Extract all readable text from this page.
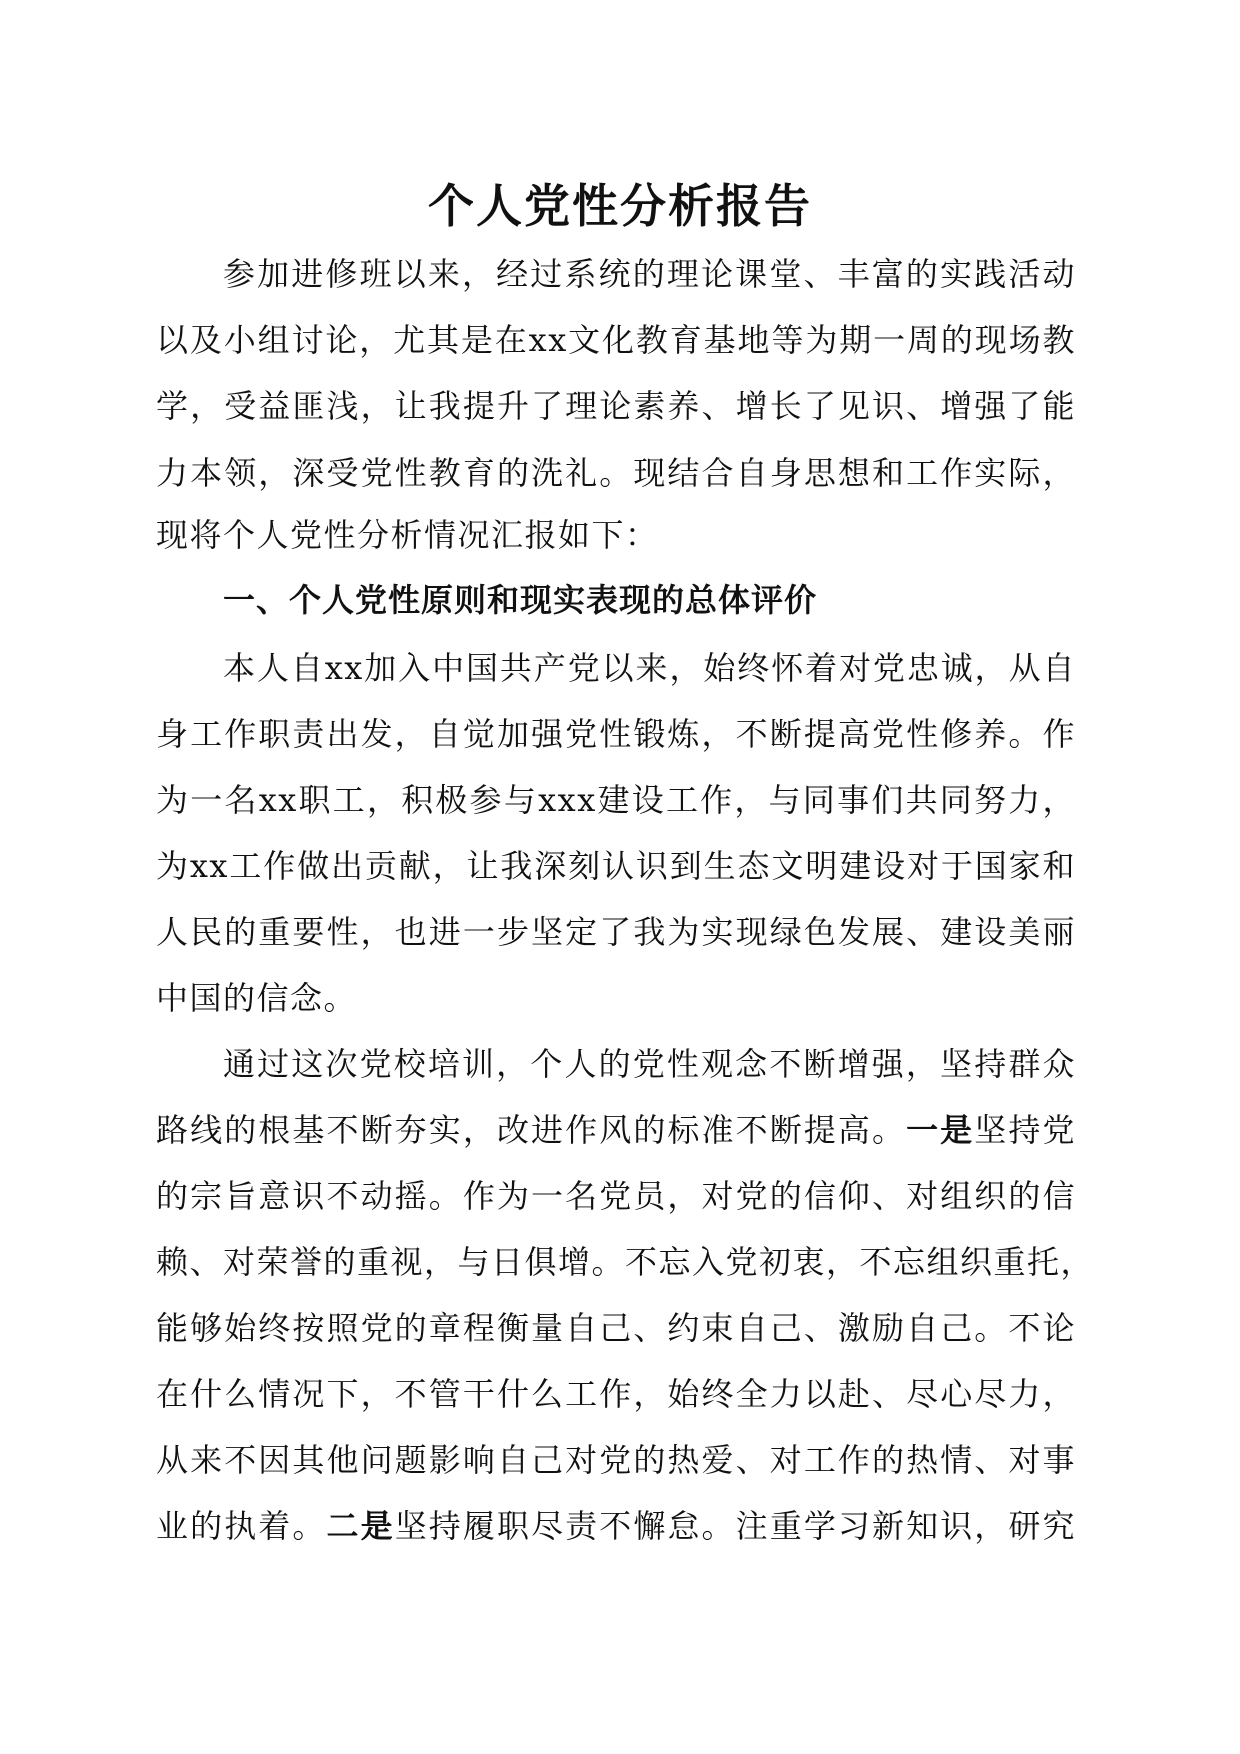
个人党性分析报告
参加进修班以来，经过系统的理论课堂、丰富的实践活动
以及小组讨论，尤其是在xx文化教育基地等为期一周的现场教
学，受益匪浅，让我提升了理论素养、增长了见识、增强了能
力本领，深受党性教育的洗礼。现结合自身思想和工作实际，
现将个人党性分析情况汇报如下：
一、个人党性原则和现实表现的总体评价
本人自xx加入中国共产党以来，始终怀着对党忠诚，从自
身工作职责出发，自觉加强党性锻炼，不断提高党性修养。作
为一名xx职工，积极参与xxx建设工作，与同事们共同努力，
为xx工作做出贡献，让我深刻认识到生态文明建设对于国家和
人民的重要性，也进一步坚定了我为实现绿色发展、建设美丽
中国的信念。
通过这次党校培训，个人的党性观念不断增强，坚持群众
路线的根基不断夯实，改进作风的标准不断提高。一是坚持党
的宗旨意识不动摇。作为一名党员，对党的信仰、对组织的信
赖、对荣誉的重视，与日俱增。不忘入党初衷，不忘组织重托，
能够始终按照党的章程衡量自己、约束自己、激励自己。不论
在什么情况下，不管干什么工作，始终全力以赴、尽心尽力，
从来不因其他问题影响自己对党的热爱、对工作的热情、对事
业的执着。二是坚持履职尽责不懈怠。注重学习新知识，研究
